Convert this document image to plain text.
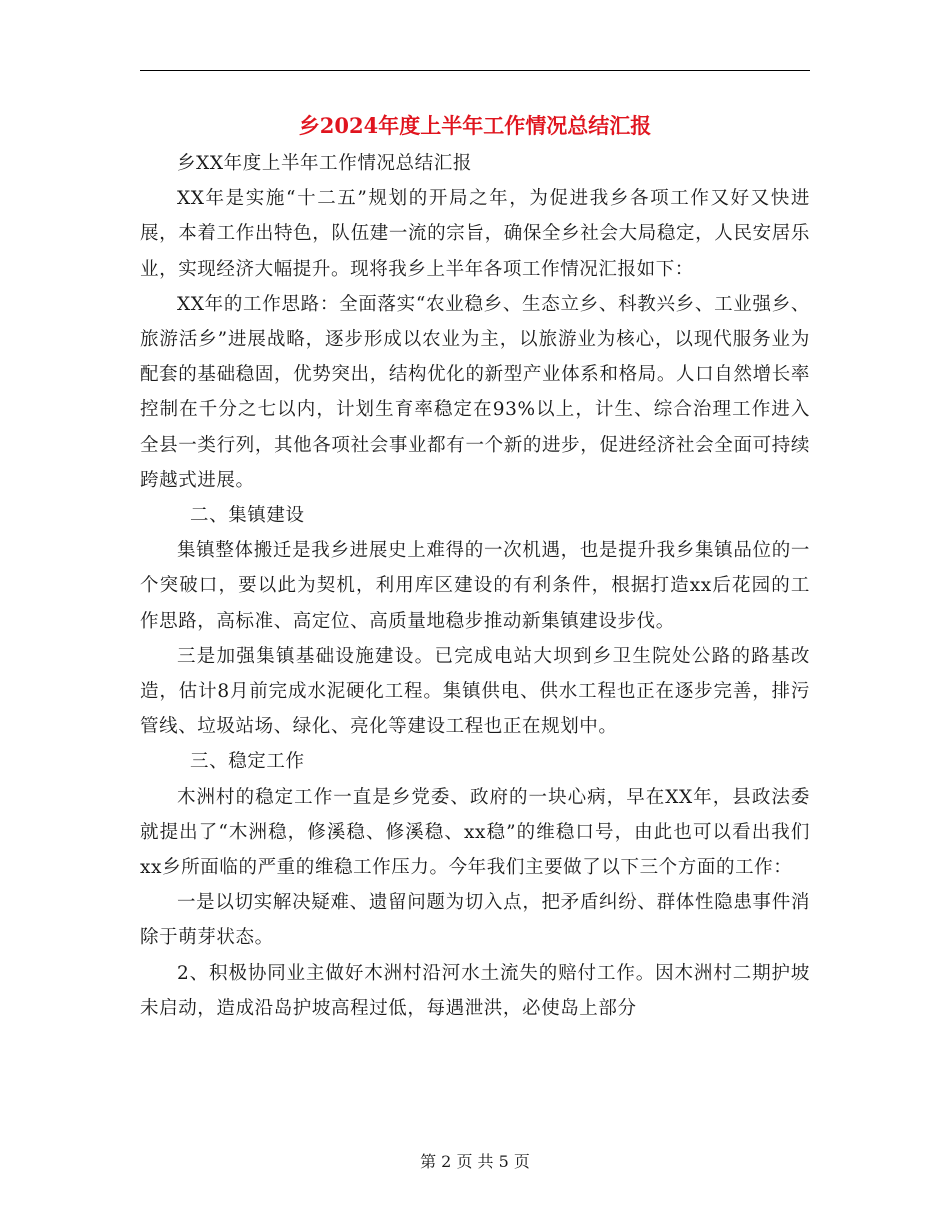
乡2024年度上半年工作情况总结汇报

乡XX年度上半年工作情况总结汇报

XX年是实施“十二五”规划的开局之年，为促进我乡各项工作又好又快进展，本着工作出特色，队伍建一流的宗旨，确保全乡社会大局稳定，人民安居乐业，实现经济大幅提升。现将我乡上半年各项工作情况汇报如下：

XX年的工作思路：全面落实“农业稳乡、生态立乡、科教兴乡、工业强乡、旅游活乡”进展战略，逐步形成以农业为主，以旅游业为核心，以现代服务业为配套的基础稳固，优势突出，结构优化的新型产业体系和格局。人口自然增长率控制在千分之七以内，计划生育率稳定在93%以上，计生、综合治理工作进入全县一类行列，其他各项社会事业都有一个新的进步，促进经济社会全面可持续跨越式进展。

二、集镇建设

集镇整体搬迁是我乡进展史上难得的一次机遇，也是提升我乡集镇品位的一个突破口，要以此为契机，利用库区建设的有利条件，根据打造xx后花园的工作思路，高标准、高定位、高质量地稳步推动新集镇建设步伐。

三是加强集镇基础设施建设。已完成电站大坝到乡卫生院处公路的路基改造，估计8月前完成水泥硬化工程。集镇供电、供水工程也正在逐步完善，排污管线、垃圾站场、绿化、亮化等建设工程也正在规划中。

三、稳定工作

木洲村的稳定工作一直是乡党委、政府的一块心病，早在XX年，县政法委就提出了“木洲稳，修溪稳、修溪稳、xx稳”的维稳口号，由此也可以看出我们xx乡所面临的严重的维稳工作压力。今年我们主要做了以下三个方面的工作：

一是以切实解决疑难、遗留问题为切入点，把矛盾纠纷、群体性隐患事件消除于萌芽状态。

2、积极协同业主做好木洲村沿河水土流失的赔付工作。因木洲村二期护坡未启动，造成沿岛护坡高程过低，每遇泄洪，必使岛上部分

第 2 页 共 5 页
